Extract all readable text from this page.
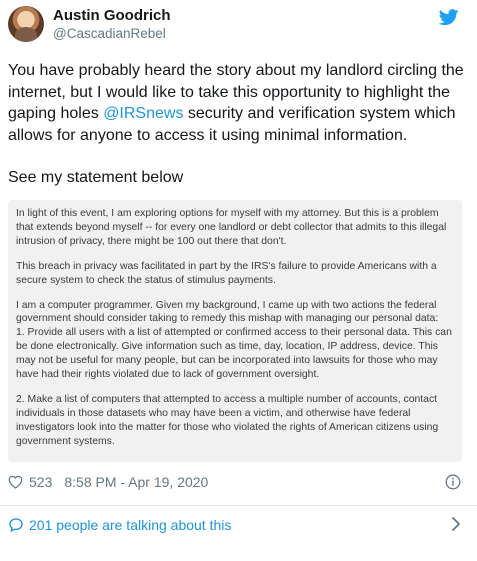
Austin Goodrich
@CascadianRebel
You have probably heard the story about my landlord circling the internet, but I would like to take this opportunity to highlight the gaping holes @IRSnews security and verification system which allows for anyone to access it using minimal information.
See my statement below

In light of this event, I am exploring options for myself with my attorney. But this is a problem that extends beyond myself -- for every one landlord or debt collector that admits to this illegal intrusion of privacy, there might be 100 out there that don't.

This breach in privacy was facilitated in part by the IRS's failure to provide Americans with a secure system to check the status of stimulus payments.

I am a computer programmer. Given my background, I came up with two actions the federal government should consider taking to remedy this mishap with managing our personal data:
1. Provide all users with a list of attempted or confirmed access to their personal data. This can be done electronically. Give information such as time, day, location, IP address, device. This may not be useful for many people, but can be incorporated into lawsuits for those who may have had their rights violated due to lack of government oversight.

2. Make a list of computers that attempted to access a multiple number of accounts, contact individuals in those datasets who may have been a victim, and otherwise have federal investigators look into the matter for those who violated the rights of American citizens using government systems.

523 8:58 PM - Apr 19, 2020
201 people are talking about this
